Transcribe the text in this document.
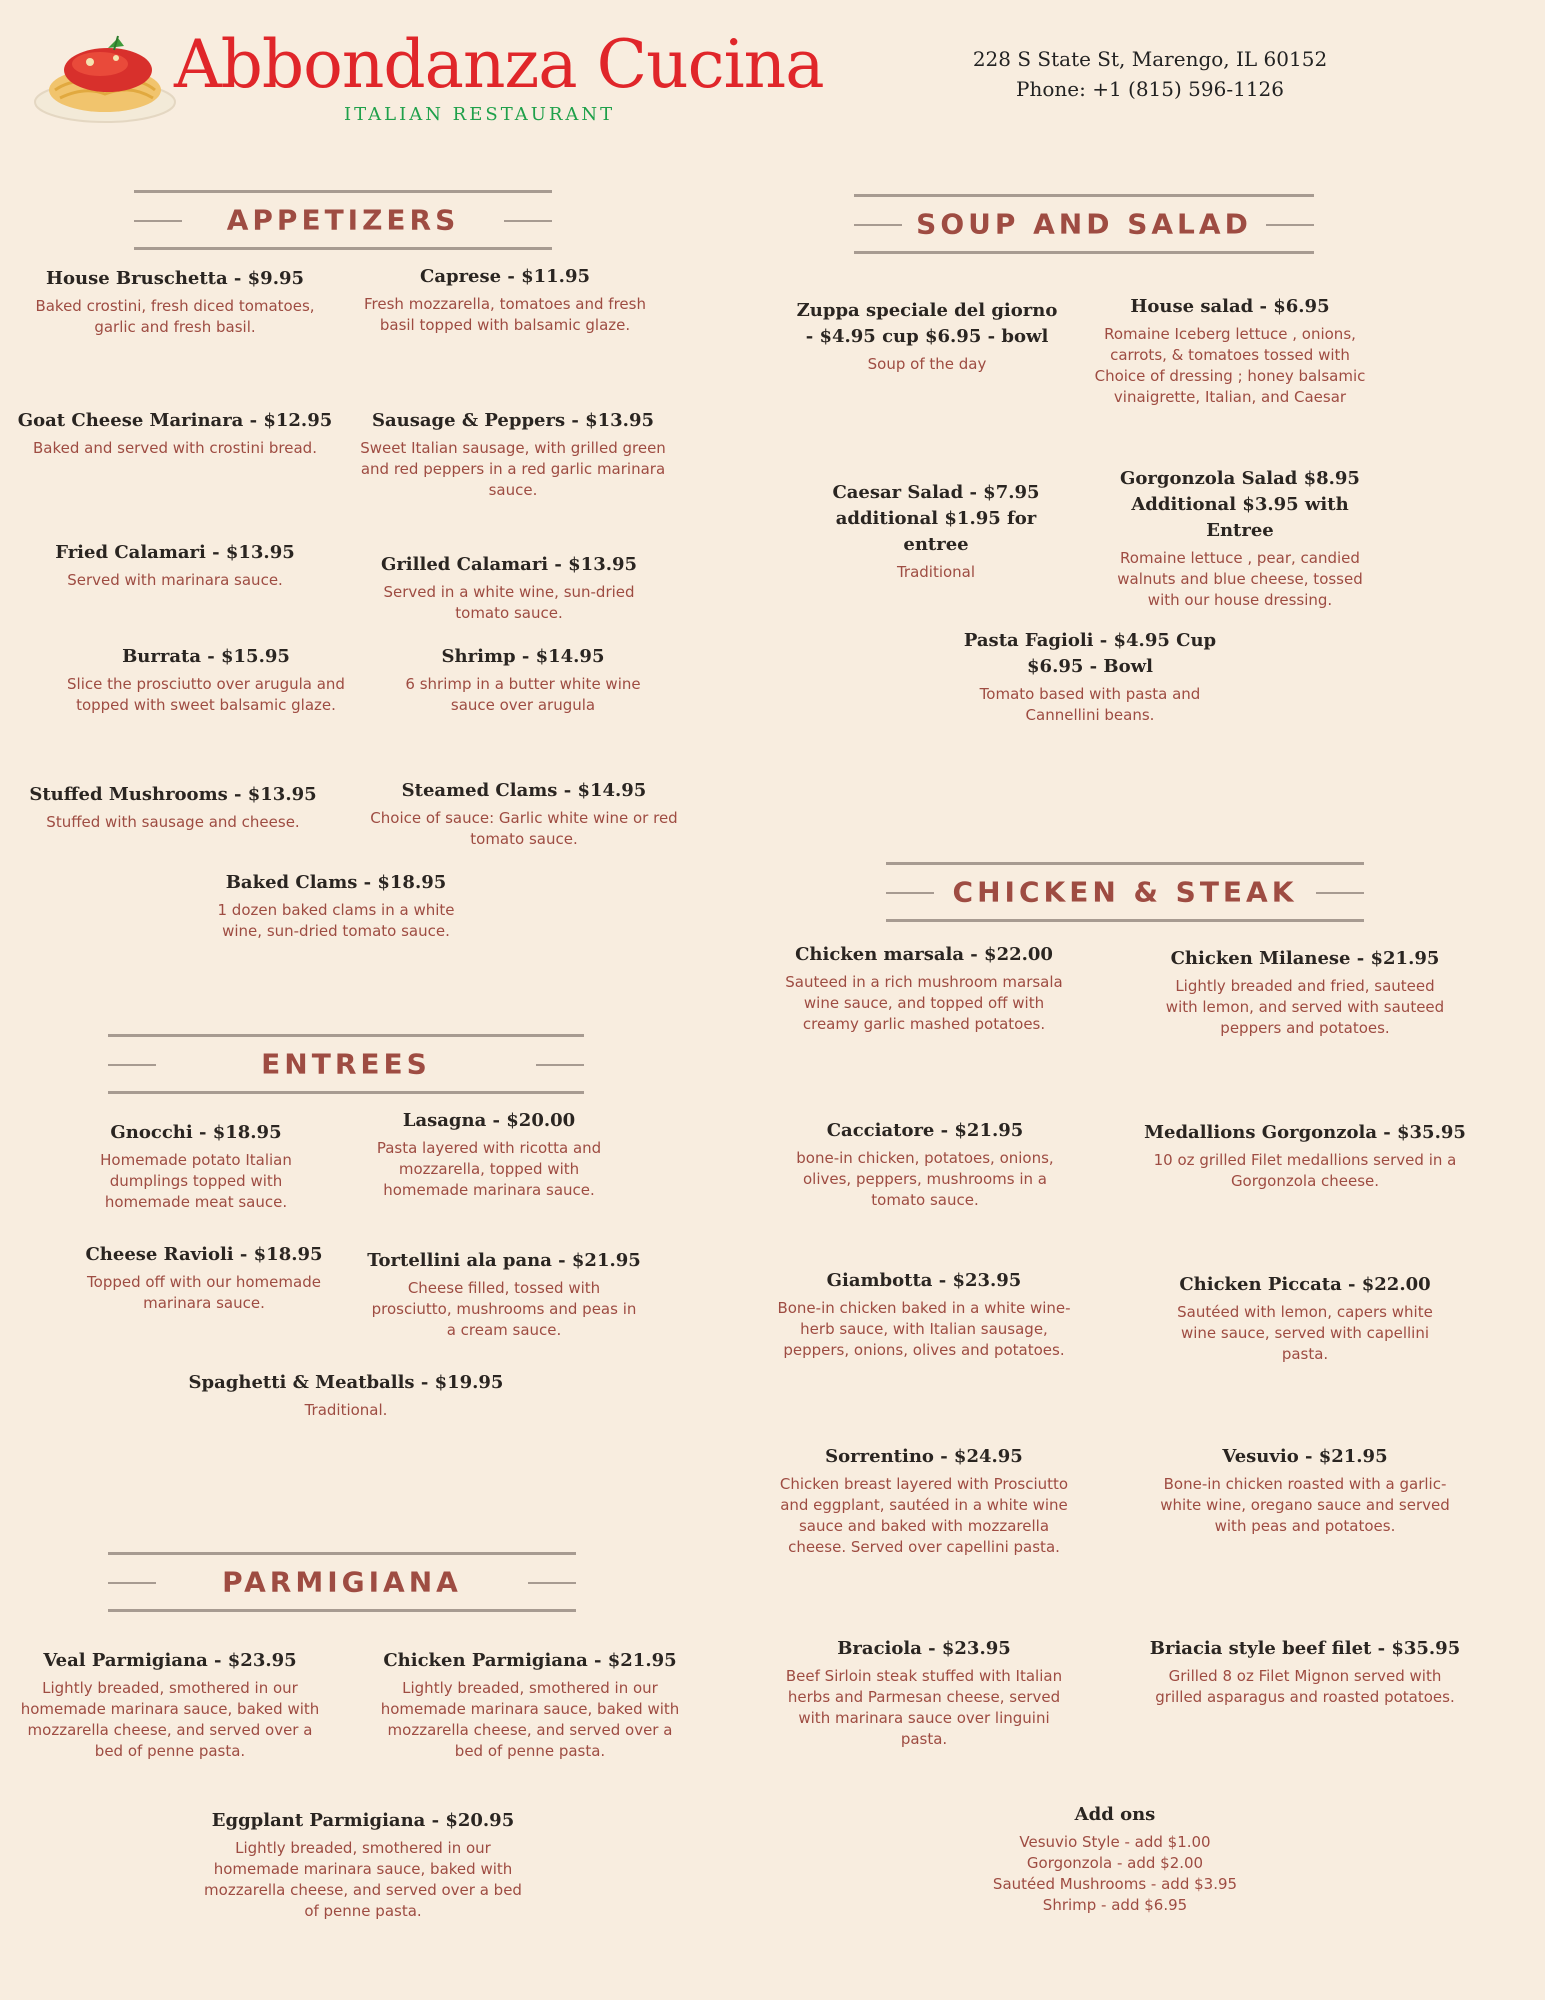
Abbondanza Cucina
ITALIAN RESTAURANT
228 S State St, Marengo, IL 60152
Phone: +1 (815) 596-1126
APPETIZERS	SOUP AND SALAD
ENTREES
CHICKEN & STEAK
PARMIGIANA
House Bruschetta - $9.95
Baked crostini, fresh diced tomatoes, garlic and fresh basil.
Caprese - $11.95
Fresh mozzarella, tomatoes and fresh basil topped with balsamic glaze.
Goat Cheese Marinara - $12.95
Baked and served with crostini bread.
Sausage & Peppers - $13.95
Sweet Italian sausage, with grilled green and red peppers in a red garlic marinara sauce.
Fried Calamari - $13.95
Served with marinara sauce.
Grilled Calamari - $13.95
Served in a white wine, sun-dried tomato sauce.
Burrata - $15.95
Slice the prosciutto over arugula and topped with sweet balsamic glaze.
Shrimp - $14.95
6 shrimp in a butter white wine sauce over arugula
Stuffed Mushrooms - $13.95
Stuffed with sausage and cheese.
Steamed Clams - $14.95
Choice of sauce: Garlic white wine or red tomato sauce.
Baked Clams - $18.95
1 dozen baked clams in a white wine, sun-dried tomato sauce.
Gnocchi - $18.95
Homemade potato Italian dumplings topped with homemade meat sauce.
Lasagna - $20.00
Pasta layered with ricotta and mozzarella, topped with homemade marinara sauce.
Cheese Ravioli - $18.95
Topped off with our homemade marinara sauce.
Tortellini ala pana - $21.95
Cheese filled, tossed with prosciutto, mushrooms and peas in a cream sauce.
Spaghetti & Meatballs - $19.95
Traditional.
Veal Parmigiana - $23.95
Lightly breaded, smothered in our homemade marinara sauce, baked with mozzarella cheese, and served over a bed of penne pasta.
Chicken Parmigiana - $21.95
Lightly breaded, smothered in our homemade marinara sauce, baked with mozzarella cheese, and served over a bed of penne pasta.
Eggplant Parmigiana - $20.95
Lightly breaded, smothered in our homemade marinara sauce, baked with mozzarella cheese, and served over a bed of penne pasta.
Zuppa speciale del giorno - $4.95 cup $6.95 - bowl
Soup of the day
House salad - $6.95
Romaine Iceberg lettuce , onions, carrots, & tomatoes tossed with Choice of dressing ; honey balsamic vinaigrette, Italian, and Caesar
Caesar Salad - $7.95 additional $1.95 for entree
Traditional
Gorgonzola Salad $8.95 Additional $3.95 with Entree
Romaine lettuce , pear, candied walnuts and blue cheese, tossed with our house dressing.
Pasta Fagioli - $4.95 Cup $6.95 - Bowl
Tomato based with pasta and Cannellini beans.
Chicken marsala - $22.00
Sauteed in a rich mushroom marsala wine sauce, and topped off with creamy garlic mashed potatoes.
Chicken Milanese - $21.95
Lightly breaded and fried, sauteed with lemon, and served with sauteed peppers and potatoes.
Cacciatore - $21.95
bone-in chicken, potatoes, onions, olives, peppers, mushrooms in a tomato sauce.
Medallions Gorgonzola - $35.95
10 oz grilled Filet medallions served in a Gorgonzola cheese.
Giambotta - $23.95
Bone-in chicken baked in a white wine-herb sauce, with Italian sausage, peppers, onions, olives and potatoes.
Chicken Piccata - $22.00
Sautéed with lemon, capers white wine sauce, served with capellini pasta.
Sorrentino - $24.95
Chicken breast layered with Prosciutto and eggplant, sautéed in a white wine sauce and baked with mozzarella cheese. Served over capellini pasta.
Vesuvio - $21.95
Bone-in chicken roasted with a garlic-white wine, oregano sauce and served with peas and potatoes.
Braciola - $23.95
Beef Sirloin steak stuffed with Italian herbs and Parmesan cheese, served with marinara sauce over linguini pasta.
Briacia style beef filet - $35.95
Grilled 8 oz Filet Mignon served with grilled asparagus and roasted potatoes.
Add ons
Vesuvio Style - add $1.00
Gorgonzola - add $2.00
Sautéed Mushrooms - add $3.95
Shrimp - add $6.95
